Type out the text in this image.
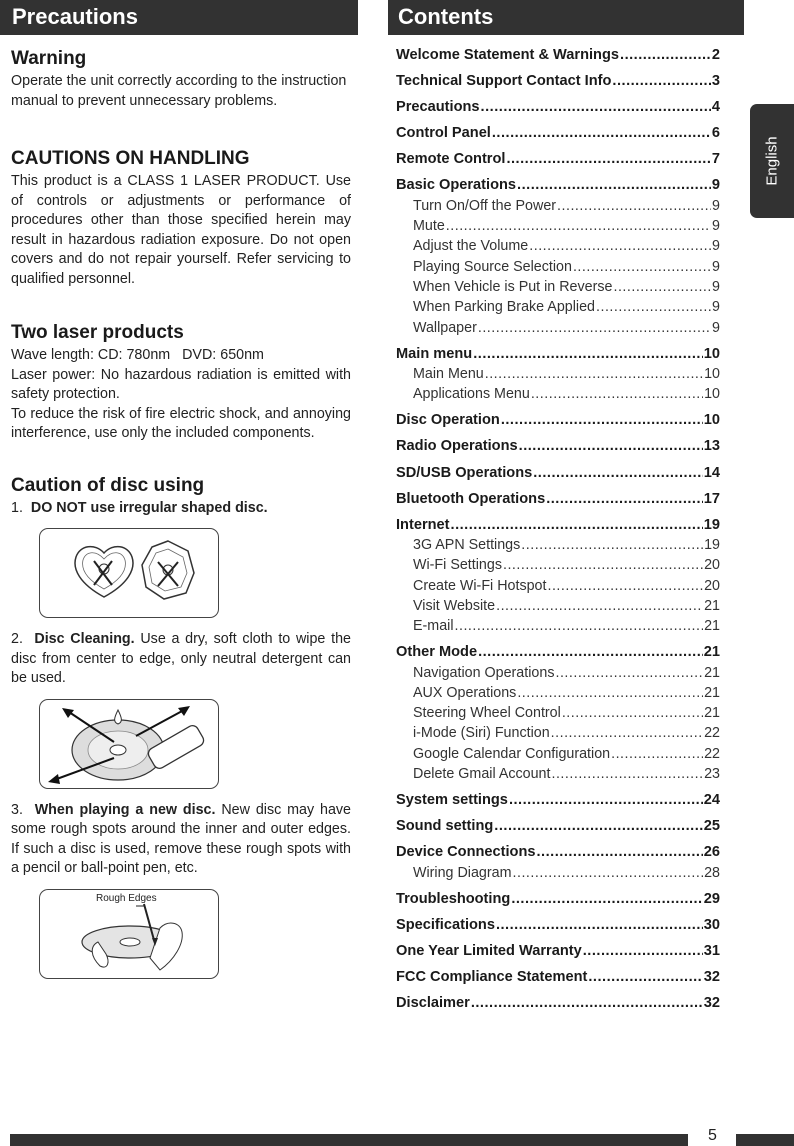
Precautions	Contents
English
Warning

Operate the unit correctly according to the instruction manual to prevent unnecessary problems.

CAUTIONS ON HANDLING

This product is a CLASS 1 LASER PRODUCT. Use of controls or adjustments or performance of procedures other than those specified herein may result in hazardous radiation exposure. Do not open covers and do not repair yourself. Refer servicing to qualified personnel.

Two laser products

Wave length: CD: 780nm   DVD: 650nm

Laser power: No hazardous radiation is emitted with safety protection.

To reduce the risk of fire electric shock, and annoying interference, use only the included components.

Caution of disc using

1. DO NOT use irregular shaped disc.

2. Disc Cleaning. Use a dry, soft cloth to wipe the disc from center to edge, only neutral detergent can be used.

3. When playing a new disc. New disc may have some rough spots around the inner and outer edges. If such a disc is used, remove these rough spots with a pencil or ball-point pen, etc.

Rough Edges
Welcome Statement & Warnings .....	2
Technical Support Contact Info .....	3
Precautions .....	4
Control Panel .....	6
Remote Control .....	7
Basic Operations .....	9
Turn On/Off the Power .....	9
Mute .....	9
Adjust the Volume .....	9
Playing Source Selection .....	9
When Vehicle is Put in Reverse .....	9
When Parking Brake Applied .....	9
Wallpaper .....	9
Main menu .....	10
Main Menu .....	10
Applications Menu .....	10
Disc Operation .....	10
Radio Operations .....	13
SD/USB Operations .....	14
Bluetooth Operations .....	17
Internet .....	19
3G APN Settings .....	19
Wi-Fi Settings .....	20
Create Wi-Fi Hotspot .....	20
Visit Website .....	21
E-mail .....	21
Other Mode .....	21
Navigation Operations .....	21
AUX Operations .....	21
Steering Wheel Control .....	21
i-Mode (Siri) Function .....	22
Google Calendar Configuration .....	22
Delete Gmail Account .....	23
System settings .....	24
Sound setting .....	25
Device Connections .....	26
Wiring Diagram .....	28
Troubleshooting .....	29
Specifications .....	30
One Year Limited Warranty .....	31
FCC Compliance Statement .....	32
Disclaimer .....	32
5
